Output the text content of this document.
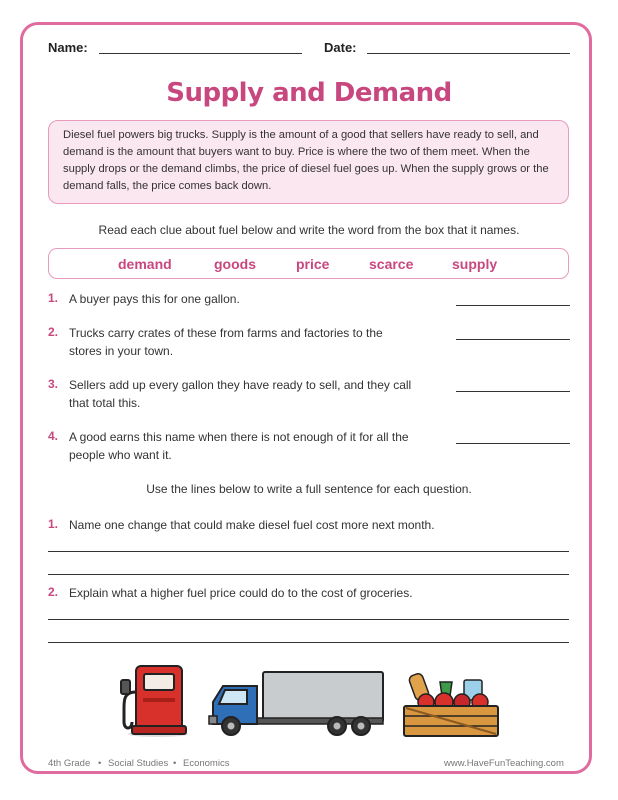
Name:	Date:
Supply and Demand
Diesel fuel powers big trucks. Supply is the amount of a good that sellers have ready to sell, and demand is the amount that buyers want to buy. Price is where the two of them meet. When the supply drops or the demand climbs, the price of diesel fuel goes up. When the supply grows or the demand falls, the price comes back down.
Read each clue about fuel below and write the word from the box that it names.
demand	goods	price	scarce	supply
1. A buyer pays this for one gallon.
2. Trucks carry crates of these from farms and factories to the
stores in your town.
3. Sellers add up every gallon they have ready to sell, and they call
that total this.
4. A good earns this name when there is not enough of it for all the
people who want it.
Use the lines below to write a full sentence for each question.
1. Name one change that could make diesel fuel cost more next month.
2. Explain what a higher fuel price could do to the cost of groceries.
4th Grade • Social Studies • Economics	www.HaveFunTeaching.com
